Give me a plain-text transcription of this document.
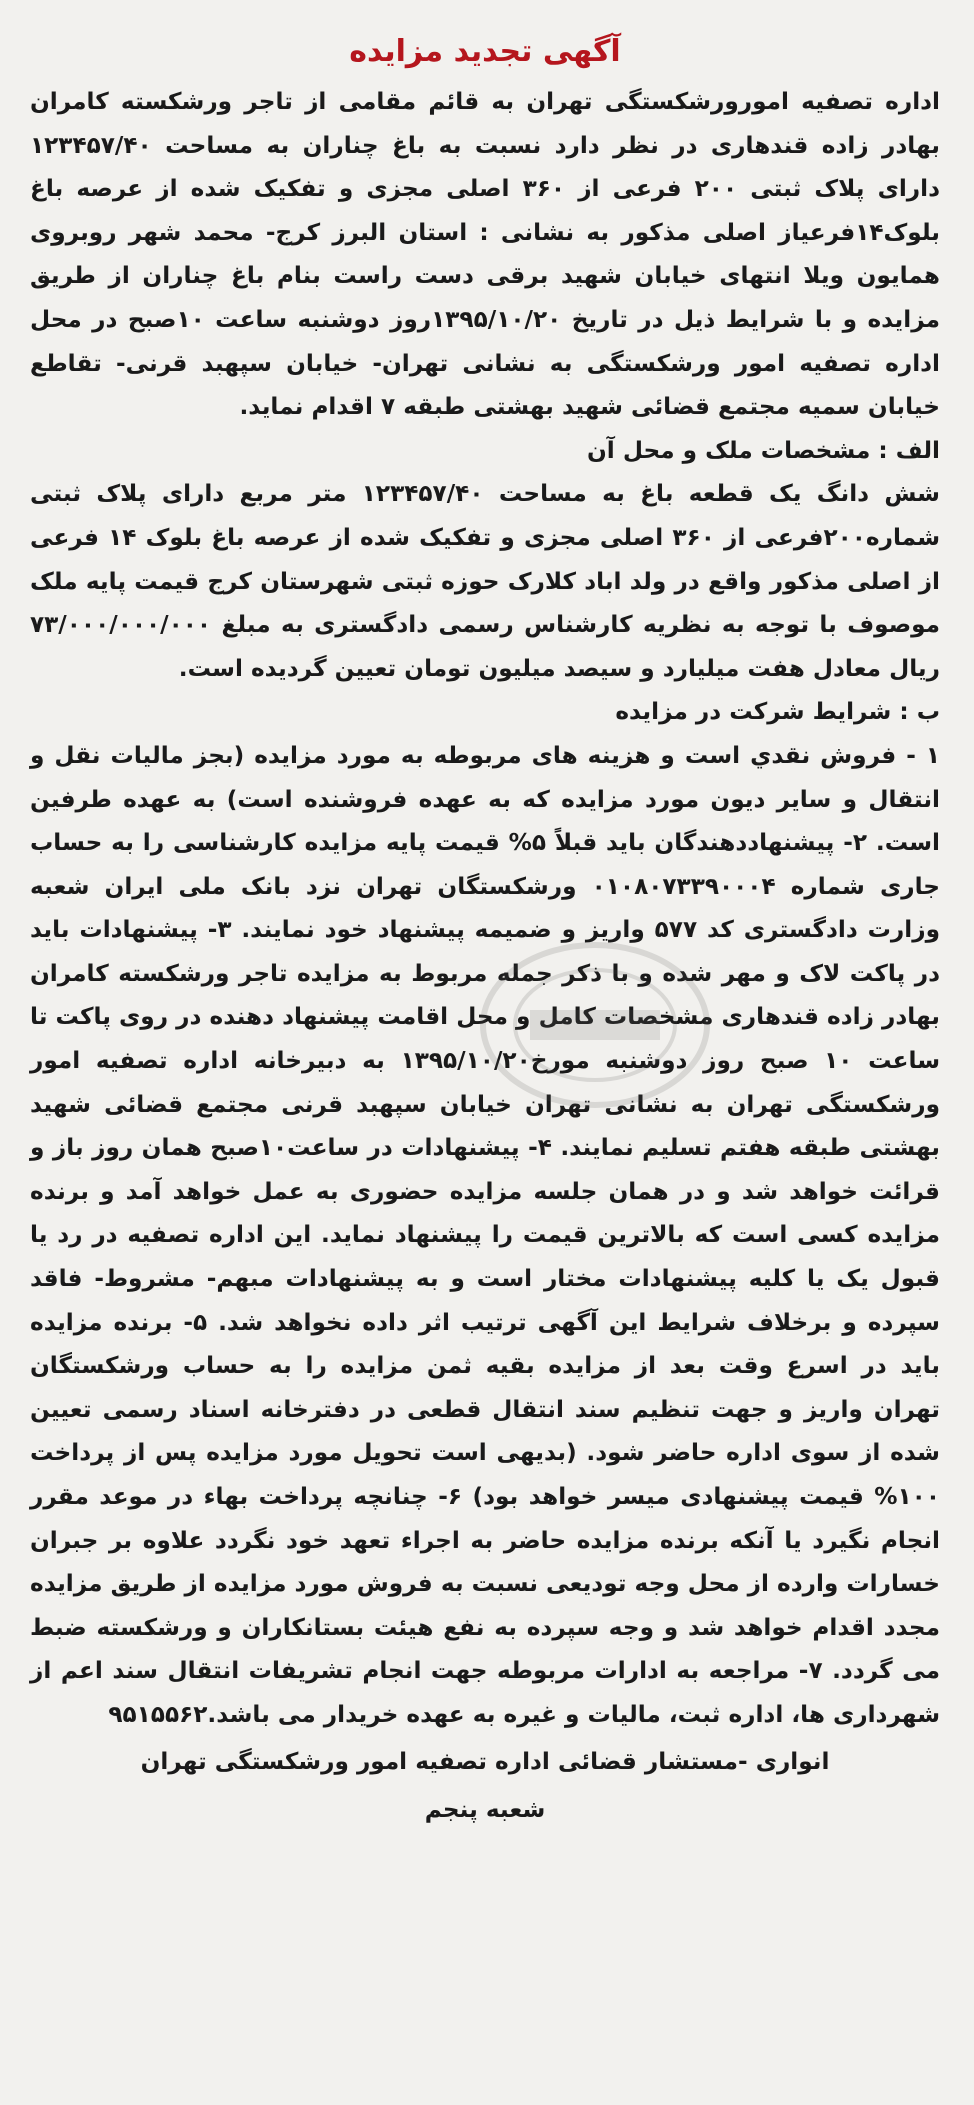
آگهی تجدید مزایده

اداره تصفیه امورورشکستگی تهران به قائم مقامی از تاجر ورشکسته کامران بهادر زاده قندهاری در نظر دارد نسبت به باغ چناران به مساحت ۱۲۳۴۵۷/۴۰ دارای پلاک ثبتی ۲۰۰ فرعی از ۳۶۰ اصلی مجزی و تفکیک شده از عرصه باغ بلوک۱۴فرعیاز اصلی مذکور به نشانی : استان البرز کرج- محمد شهر روبروی همایون ویلا انتهای خیابان شهید برقی دست راست بنام باغ چناران از طریق مزایده و با شرایط ذیل در تاریخ ۱۳۹۵/۱۰/۲۰روز دوشنبه ساعت ۱۰صبح در محل اداره تصفیه امور ورشکستگی به نشانی تهران- خیابان سپهبد قرنی- تقاطع خیابان سمیه مجتمع قضائی شهید بهشتی طبقه ۷ اقدام نماید.

الف : مشخصات ملک و محل آن

شش دانگ یک قطعه باغ به مساحت ۱۲۳۴۵۷/۴۰ متر مربع دارای پلاک ثبتی شماره۲۰۰فرعی از ۳۶۰ اصلی مجزی و تفکیک شده از عرصه باغ بلوک ۱۴ فرعی از اصلی مذکور واقع در ولد اباد کلارک حوزه ثبتی شهرستان کرج قیمت پایه ملک موصوف با توجه به نظریه کارشناس رسمی دادگستری به مبلغ ۷۳/۰۰۰/۰۰۰/۰۰۰ ریال معادل هفت میلیارد و سیصد میلیون تومان تعیین گردیده است.

ب : شرایط شرکت در مزایده

۱ - فروش نقدي است و هزینه های مربوطه به مورد مزایده (بجز مالیات نقل و انتقال و سایر دیون مورد مزایده که به عهده فروشنده است) به عهده طرفین است. ۲- پیشنهاددهندگان باید قبلاً ۵% قیمت پایه مزایده کارشناسی را به حساب جاری شماره ۰۱۰۸۰۷۳۳۹۰۰۰۴ ورشکستگان تهران نزد بانک ملی ایران شعبه وزارت دادگستری کد ۵۷۷ واریز و ضمیمه پیشنهاد خود نمایند. ۳- پیشنهادات باید در پاکت لاک و مهر شده و با ذکر جمله مربوط به مزایده تاجر ورشکسته کامران بهادر زاده قندهاری مشخصات کامل و محل اقامت پیشنهاد دهنده در روی پاکت تا ساعت ۱۰ صبح روز دوشنبه مورخ۱۳۹۵/۱۰/۲۰ به دبیرخانه اداره تصفیه امور ورشکستگی تهران به نشانی تهران خیابان سپهبد قرنی مجتمع قضائی شهید بهشتی طبقه هفتم تسلیم نمایند. ۴- پیشنهادات در ساعت۱۰صبح همان روز باز و قرائت خواهد شد و در همان جلسه مزایده حضوری به عمل خواهد آمد و برنده مزایده کسی است که بالاترین قیمت را پیشنهاد نماید. این اداره تصفیه در رد یا قبول یک یا کلیه پیشنهادات مختار است و به پیشنهادات مبهم- مشروط- فاقد سپرده و برخلاف شرایط این آگهی ترتیب اثر داده نخواهد شد. ۵- برنده مزایده باید در اسرع وقت بعد از مزایده بقیه ثمن مزایده را به حساب ورشکستگان تهران واریز و جهت تنظیم سند انتقال قطعی در دفترخانه اسناد رسمی تعیین شده از سوی اداره حاضر شود. (بدیهی است تحویل مورد مزایده پس از پرداخت ۱۰۰% قیمت پیشنهادی میسر خواهد بود) ۶- چنانچه پرداخت بهاء در موعد مقرر انجام نگیرد یا آنکه برنده مزایده حاضر به اجراء تعهد خود نگردد علاوه بر جبران خسارات وارده از محل وجه تودیعی نسبت به فروش مورد مزایده از طریق مزایده مجدد اقدام خواهد شد و وجه سپرده به نفع هیئت بستانکاران و ورشکسته ضبط می گردد. ۷- مراجعه به ادارات مربوطه جهت انجام تشریفات انتقال سند اعم از شهرداری ها، اداره ثبت، مالیات و غیره به عهده خریدار می باشد.۹۵۱۵۵۶۲

انواری -مستشار قضائی اداره تصفیه امور ورشکستگی تهران
شعبه پنجم
